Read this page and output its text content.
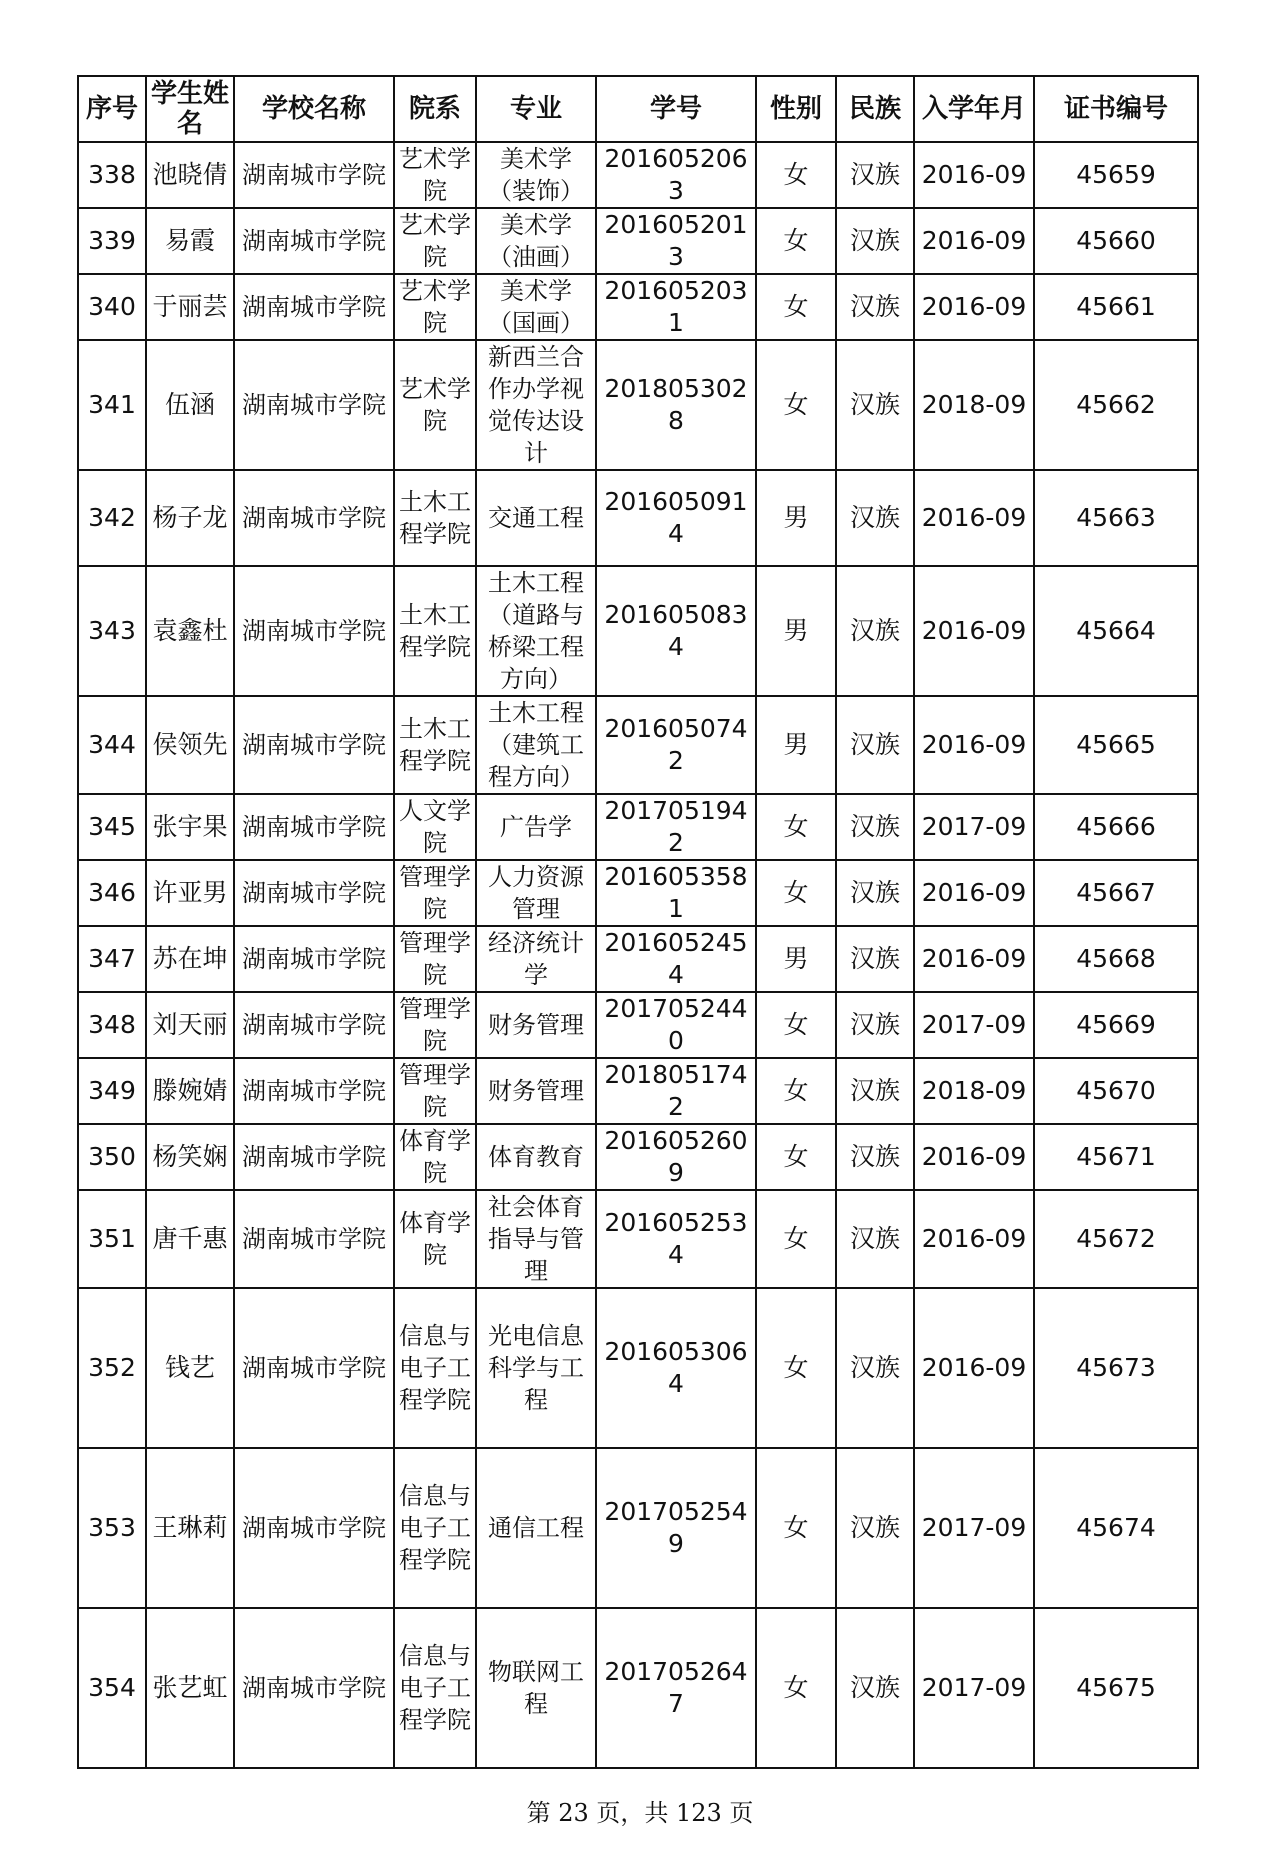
序号	学生姓名	学校名称	院系	专业	学号	性别	民族	入学年月	证书编号
338	池晓倩	湖南城市学院	艺术学院	美术学（装饰）	2016052063	女	汉族	2016-09	45659
339	易霞	湖南城市学院	艺术学院	美术学（油画）	2016052013	女	汉族	2016-09	45660
340	于丽芸	湖南城市学院	艺术学院	美术学（国画）	2016052031	女	汉族	2016-09	45661
341	伍涵	湖南城市学院	艺术学院	新西兰合作办学视觉传达设计	2018053028	女	汉族	2018-09	45662
342	杨子龙	湖南城市学院	土木工程学院	交通工程	2016050914	男	汉族	2016-09	45663
343	袁鑫杜	湖南城市学院	土木工程学院	土木工程（道路与桥梁工程方向）	2016050834	男	汉族	2016-09	45664
344	侯领先	湖南城市学院	土木工程学院	土木工程（建筑工程方向）	2016050742	男	汉族	2016-09	45665
345	张宇果	湖南城市学院	人文学院	广告学	2017051942	女	汉族	2017-09	45666
346	许亚男	湖南城市学院	管理学院	人力资源管理	2016053581	女	汉族	2016-09	45667
347	苏在坤	湖南城市学院	管理学院	经济统计学	2016052454	男	汉族	2016-09	45668
348	刘天丽	湖南城市学院	管理学院	财务管理	2017052440	女	汉族	2017-09	45669
349	滕婉婧	湖南城市学院	管理学院	财务管理	2018051742	女	汉族	2018-09	45670
350	杨笑娴	湖南城市学院	体育学院	体育教育	2016052609	女	汉族	2016-09	45671
351	唐千惠	湖南城市学院	体育学院	社会体育指导与管理	2016052534	女	汉族	2016-09	45672
352	钱艺	湖南城市学院	信息与电子工程学院	光电信息科学与工程	2016053064	女	汉族	2016-09	45673
353	王琳莉	湖南城市学院	信息与电子工程学院	通信工程	2017052549	女	汉族	2017-09	45674
354	张艺虹	湖南城市学院	信息与电子工程学院	物联网工程	2017052647	女	汉族	2017-09	45675
第 23 页，共 123 页
